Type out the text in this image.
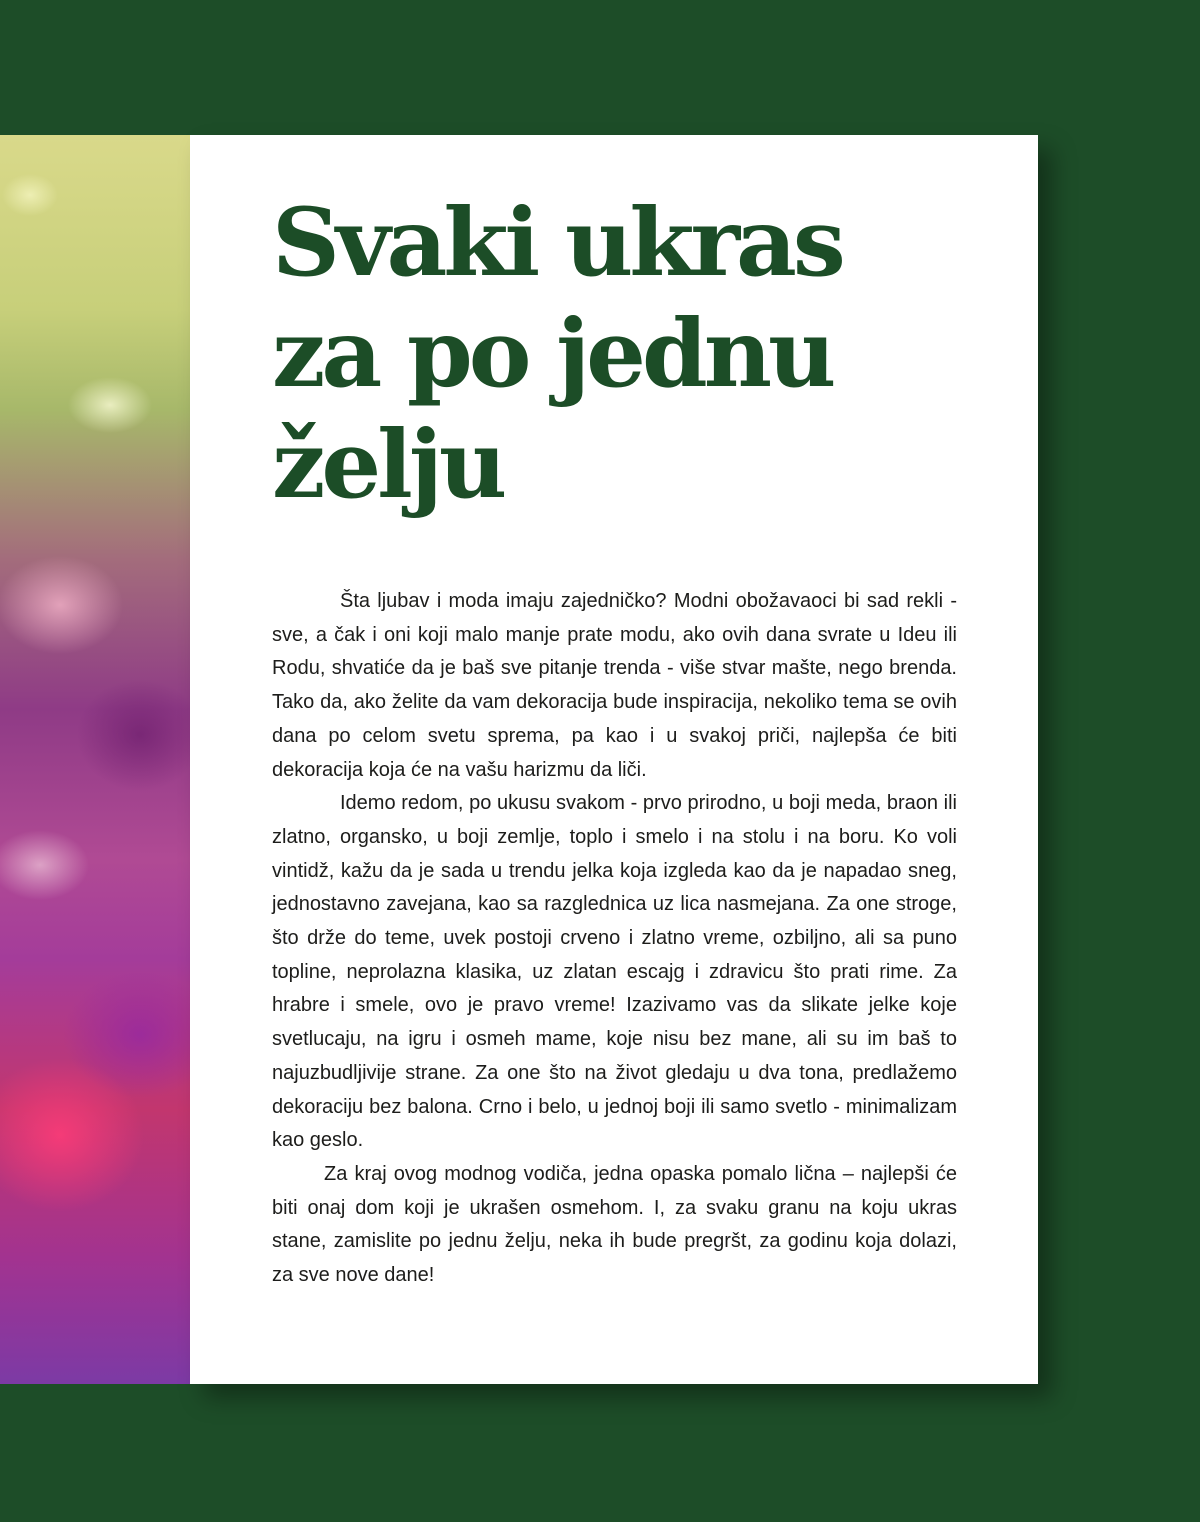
Svaki ukras
za po jednu
želju

Šta ljubav i moda imaju zajedničko? Modni obožavaoci bi sad rekli - sve, a čak i oni koji malo manje prate modu, ako ovih dana svrate u Ideu ili Rodu, shvatiće da je baš sve pitanje trenda - više stvar mašte, nego brenda. Tako da, ako želite da vam dekoracija bude inspiracija, nekoliko tema se ovih dana po celom svetu sprema, pa kao i u svakoj priči, najlepša će biti dekoracija koja će na vašu harizmu da liči.

Idemo redom, po ukusu svakom - prvo prirodno, u boji meda, braon ili zlatno, organsko, u boji zemlje, toplo i smelo i na stolu i na boru. Ko voli vintidž, kažu da je sada u trendu jelka koja izgleda kao da je napadao sneg, jednostavno zavejana, kao sa razglednica uz lica nasmejana. Za one stroge, što drže do teme, uvek postoji crveno i zlatno vreme, ozbiljno, ali sa puno topline, neprolazna klasika, uz zlatan escajg i zdravicu što prati rime. Za hrabre i smele, ovo je pravo vreme! Izazivamo vas da slikate jelke koje svetlucaju, na igru i osmeh mame, koje nisu bez mane, ali su im baš to najuzbudljivije strane. Za one što na život gledaju u dva tona, predlažemo dekoraciju bez balona. Crno i belo, u jednoj boji ili samo svetlo - minimalizam kao geslo.

Za kraj ovog modnog vodiča, jedna opaska pomalo lična – najlepši će biti onaj dom koji je ukrašen osmehom. I, za svaku granu na koju ukras stane, zamislite po jednu želju, neka ih bude pregršt, za godinu koja dolazi, za sve nove dane!
